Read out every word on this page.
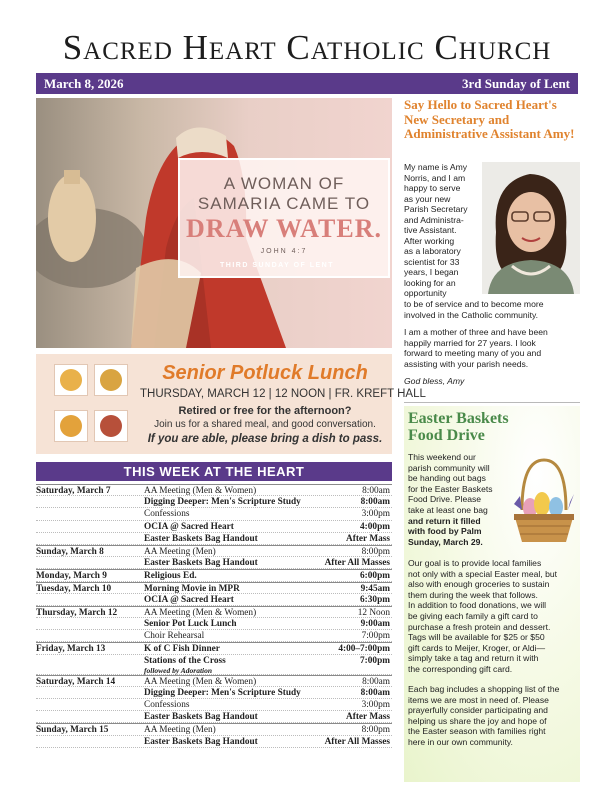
Sacred Heart Catholic Church
March 8, 2026	3rd Sunday of Lent
A WOMAN OF
SAMARIA CAME TO
DRAW WATER.
JOHN 4:7
THIRD SUNDAY OF LENT
Senior Potluck Lunch
THURSDAY, MARCH 12 | 12 NOON | FR. KREFT HALL
Retired or free for the afternoon?
Join us for a shared meal, and good conversation.
If you are able, please bring a dish to pass.
THIS WEEK AT THE HEART
Saturday, March 7	AA Meeting (Men & Women)	8:00am
Digging Deeper: Men's Scripture Study	8:00am
Confessions	3:00pm
OCIA @ Sacred Heart	4:00pm
Easter Baskets Bag Handout	After Mass
Sunday, March 8	AA Meeting (Men)	8:00pm
Easter Baskets Bag Handout	After All Masses
Monday, March 9	Religious Ed.	6:00pm
Tuesday, March 10	Morning Movie in MPR	9:45am
OCIA @ Sacred Heart	6:30pm
Thursday, March 12	AA Meeting (Men & Women)	12 Noon
Senior Pot Luck Lunch	9:00am
Choir Rehearsal	7:00pm
Friday, March 13	K of C Fish Dinner	4:00–7:00pm
Stations of the Cross	7:00pm
followed by Adoration
Saturday, March 14	AA Meeting (Men & Women)	8:00am
Digging Deeper: Men's Scripture Study	8:00am
Confessions	3:00pm
Easter Baskets Bag Handout	After Mass
Sunday, March 15	AA Meeting (Men)	8:00pm
Easter Baskets Bag Handout	After All Masses
Say Hello to Sacred Heart's New Secretary and Administrative Assistant Amy!
My name is Amy
Norris, and I am
happy to serve
as your new
Parish Secretary
and Administra-
tive Assistant.
After working
as a laboratory
scientist for 33
years, I began
looking for an
opportunity
to be of service and to become more
involved in the Catholic community.
I am a mother of three and have been
happily married for 27 years. I look
forward to meeting many of you and
assisting with your parish needs.
God bless, Amy
Easter Baskets
Food Drive
This weekend our
parish community will
be handing out bags
for the Easter Baskets
Food Drive. Please
take at least one bag
and return it filled
with food by Palm
Sunday, March 29.
Our goal is to provide local families
not only with a special Easter meal, but
also with enough groceries to sustain
them during the week that follows.
In addition to food donations, we will
be giving each family a gift card to
purchase a fresh protein and dessert.
Tags will be available for $25 or $50
gift cards to Meijer, Kroger, or Aldi—
simply take a tag and return it with
the corresponding gift card.
Each bag includes a shopping list of the
items we are most in need of. Please
prayerfully consider participating and
helping us share the joy and hope of
the Easter season with families right
here in our own community.
